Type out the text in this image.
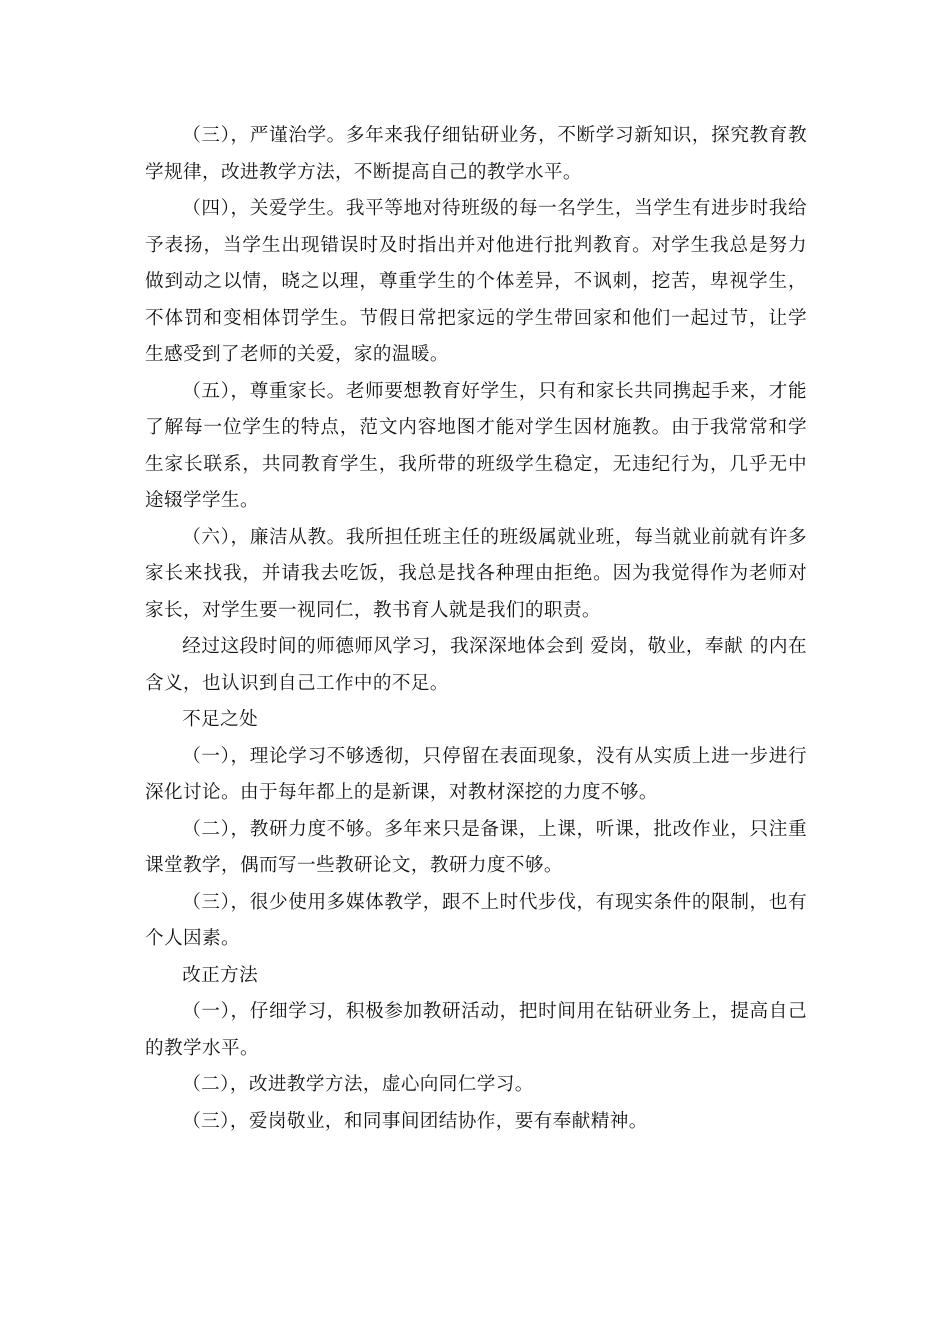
（三），严谨治学。多年来我仔细钻研业务，不断学习新知识，探究教育教学规律，改进教学方法，不断提高自己的教学水平。

（四），关爱学生。我平等地对待班级的每一名学生，当学生有进步时我给予表扬，当学生出现错误时及时指出并对他进行批判教育。对学生我总是努力做到动之以情，晓之以理，尊重学生的个体差异，不讽刺，挖苦，卑视学生，不体罚和变相体罚学生。节假日常把家远的学生带回家和他们一起过节，让学生感受到了老师的关爱，家的温暖。

（五），尊重家长。老师要想教育好学生，只有和家长共同携起手来，才能了解每一位学生的特点，范文内容地图才能对学生因材施教。由于我常常和学生家长联系，共同教育学生，我所带的班级学生稳定，无违纪行为，几乎无中途辍学学生。

（六），廉洁从教。我所担任班主任的班级属就业班，每当就业前就有许多家长来找我，并请我去吃饭，我总是找各种理由拒绝。因为我觉得作为老师对家长，对学生要一视同仁，教书育人就是我们的职责。

经过这段时间的师德师风学习，我深深地体会到 爱岗，敬业，奉献 的内在含义，也认识到自己工作中的不足。

不足之处

（一），理论学习不够透彻，只停留在表面现象，没有从实质上进一步进行深化讨论。由于每年都上的是新课，对教材深挖的力度不够。

（二），教研力度不够。多年来只是备课，上课，听课，批改作业，只注重课堂教学，偶而写一些教研论文，教研力度不够。

（三），很少使用多媒体教学，跟不上时代步伐，有现实条件的限制，也有个人因素。

改正方法

（一），仔细学习，积极参加教研活动，把时间用在钻研业务上，提高自己的教学水平。

（二），改进教学方法，虚心向同仁学习。

（三），爱岗敬业，和同事间团结协作，要有奉献精神。
